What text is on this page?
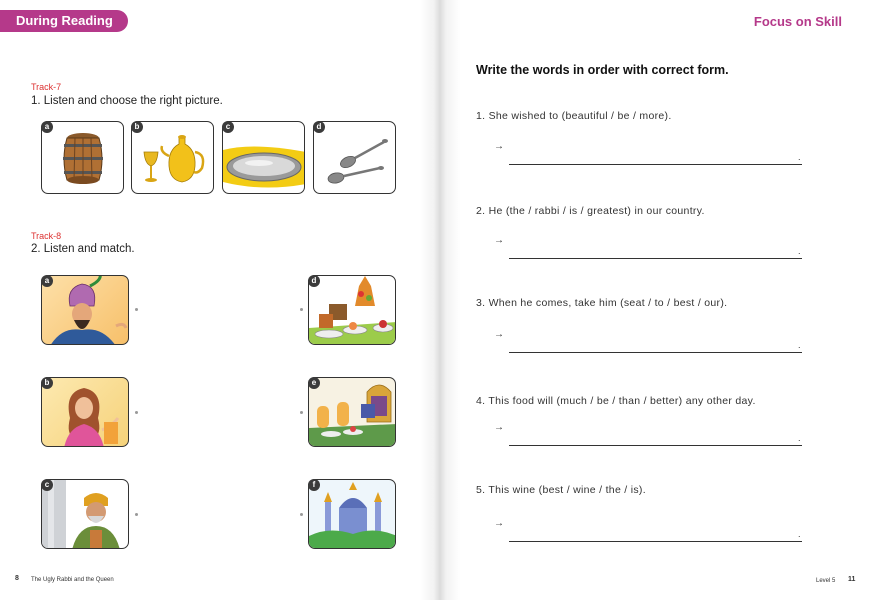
During Reading
Track-7
1. Listen and choose the right picture.
a	b	c	d
Track-8
2. Listen and match.
a
b
c
d
e
f
8 The Ugly Rabbi and the Queen
Focus on Skill
Write the words in order with correct form.
1. She wished to (beautiful / be / more).
→
.
2. He (the / rabbi / is / greatest) in our country.
→
.
3. When he comes, take him (seat / to / best / our).
→
.
4. This food will (much / be / than / better) any other day.
→
.
5. This wine (best / wine / the / is).
→
.
Level 5 11
